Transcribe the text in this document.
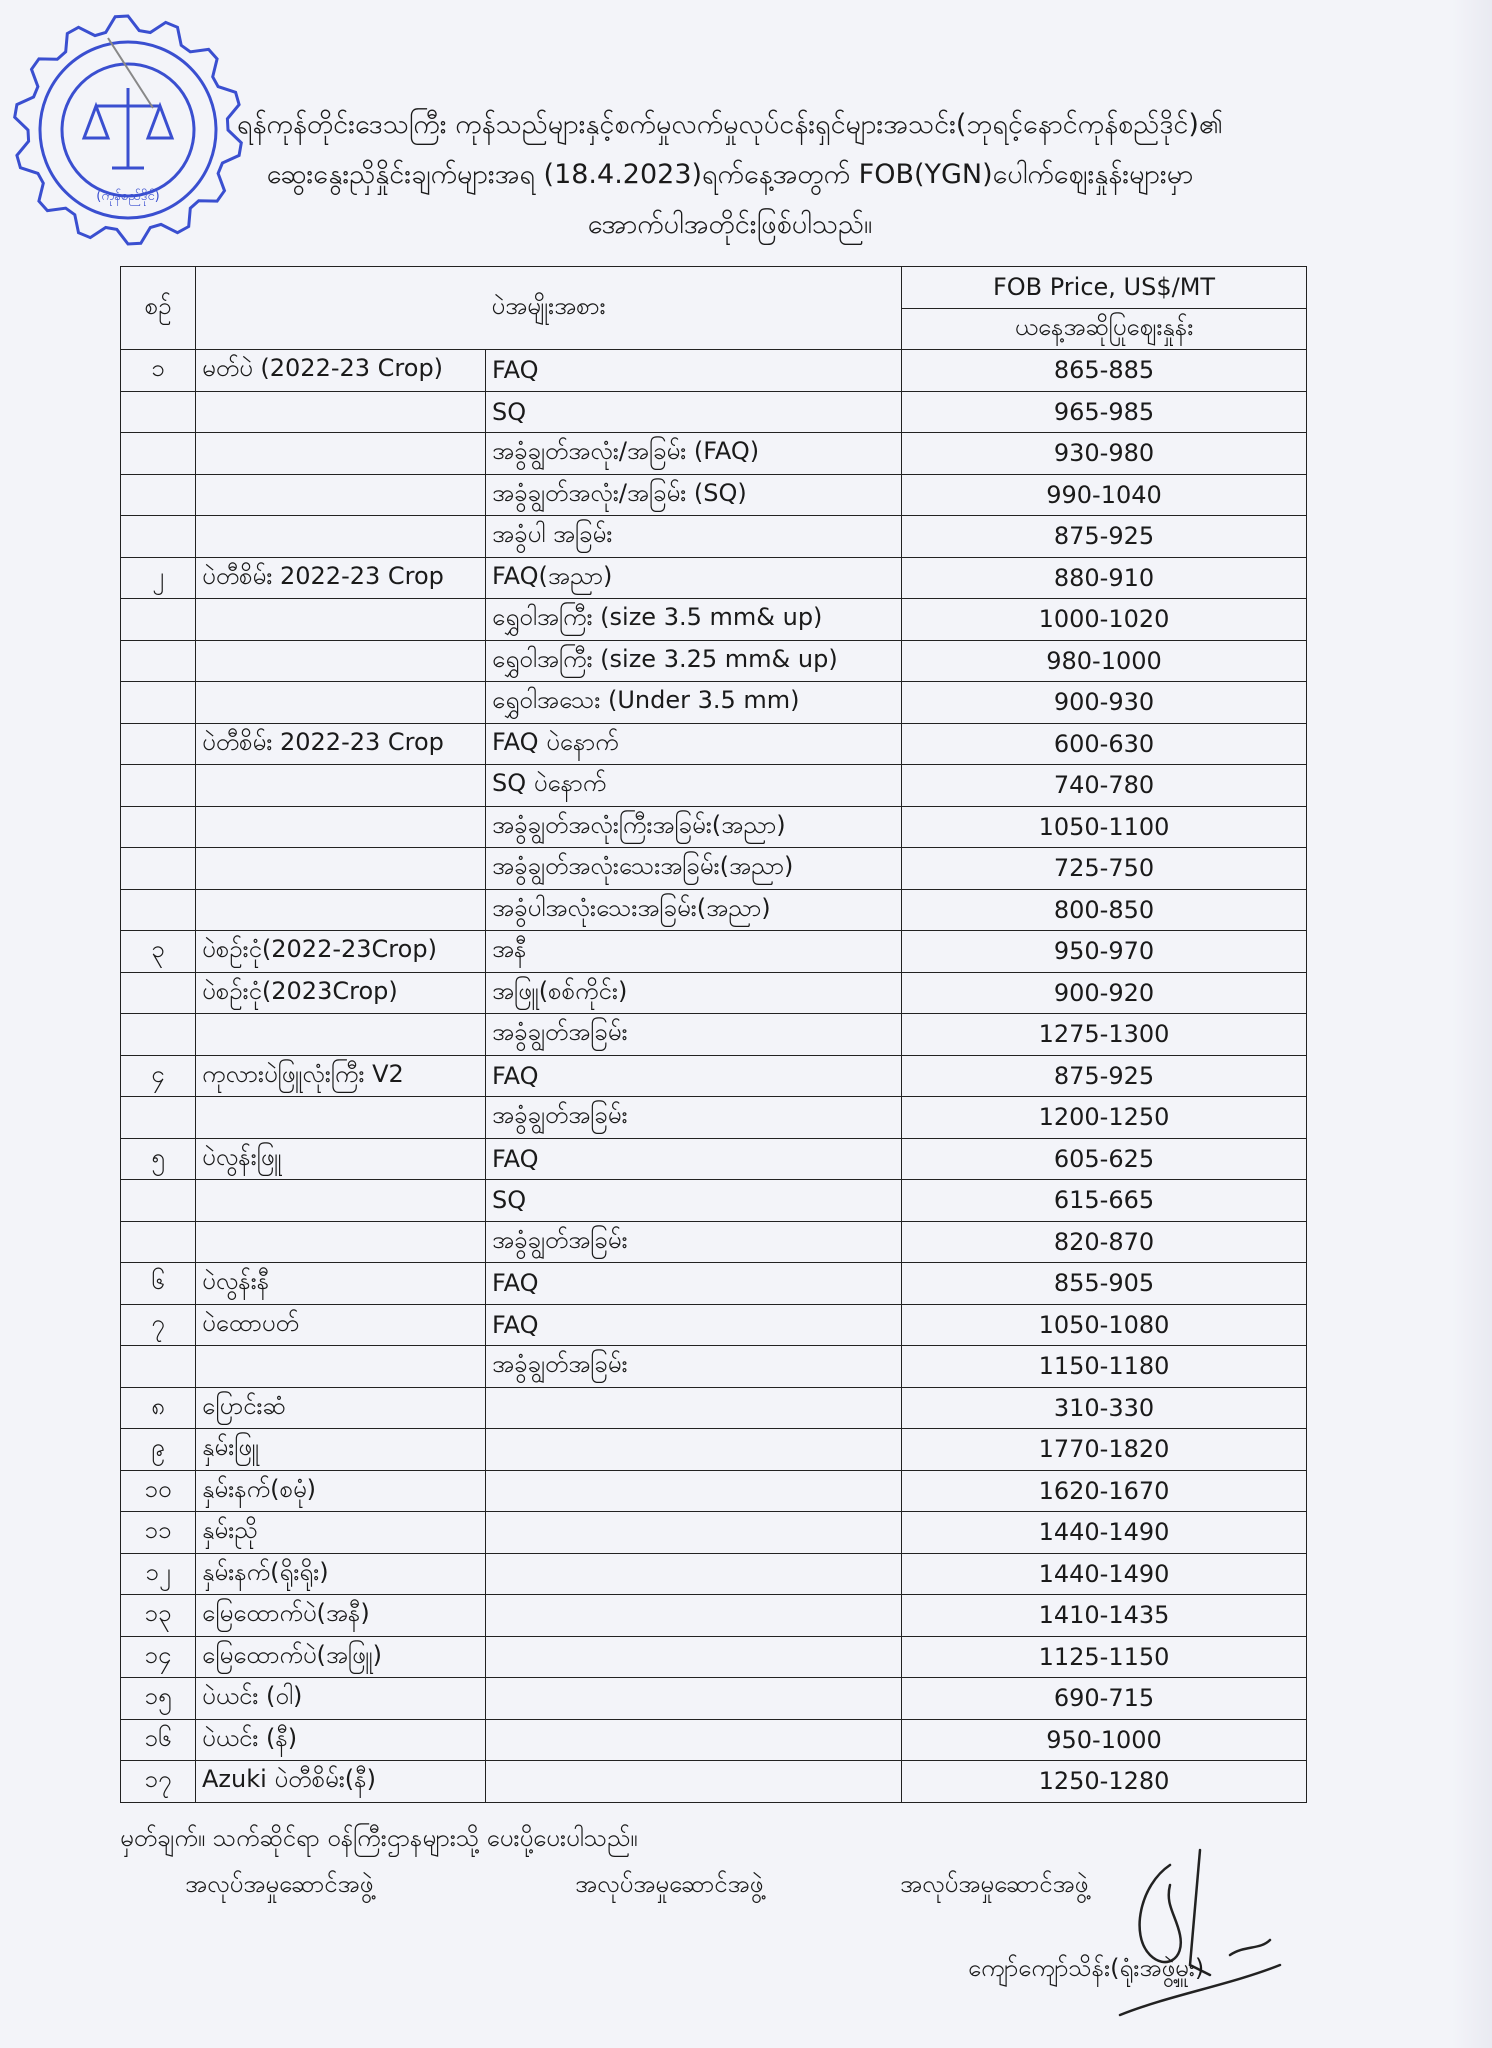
(ကုန်စည်ဒိုင်)
ရန်ကုန်တိုင်းဒေသကြီး ကုန်သည်များနှင့်စက်မှုလက်မှုလုပ်ငန်းရှင်များအသင်း(ဘုရင့်နောင်ကုန်စည်ဒိုင်)၏
ဆွေးနွေးညှိနှိုင်းချက်များအရ (18.4.2023)ရက်နေ့အတွက် FOB(YGN)ပေါက်ဈေးနှုန်းများမှာ
အောက်ပါအတိုင်းဖြစ်ပါသည်။
စဉ်	ပဲအမျိုးအစား		FOB Price, US$/MT
			ယနေ့အဆိုပြုဈေးနှုန်း
၁	မတ်ပဲ (2022-23 Crop)	FAQ	865-885
		SQ	965-985
		အခွံချွတ်အလုံး/အခြမ်း (FAQ)	930-980
		အခွံချွတ်အလုံး/အခြမ်း (SQ)	990-1040
		အခွံပါ အခြမ်း	875-925
၂	ပဲတီစိမ်း 2022-23 Crop	FAQ(အညာ)	880-910
		ရွှေဝါအကြီး (size 3.5 mm& up)	1000-1020
		ရွှေဝါအကြီး (size 3.25 mm& up)	980-1000
		ရွှေဝါအသေး (Under 3.5 mm)	900-930
	ပဲတီစိမ်း 2022-23 Crop	FAQ ပဲနောက်	600-630
		SQ ပဲနောက်	740-780
		အခွံချွတ်အလုံးကြီးအခြမ်း(အညာ)	1050-1100
		အခွံချွတ်အလုံးသေးအခြမ်း(အညာ)	725-750
		အခွံပါအလုံးသေးအခြမ်း(အညာ)	800-850
၃	ပဲစဉ်းငုံ(2022-23Crop)	အနီ	950-970
	ပဲစဉ်းငုံ(2023Crop)	အဖြူ(စစ်ကိုင်း)	900-920
		အခွံချွတ်အခြမ်း	1275-1300
၄	ကုလားပဲဖြူလုံးကြီး V2	FAQ	875-925
		အခွံချွတ်အခြမ်း	1200-1250
၅	ပဲလွန်းဖြူ	FAQ	605-625
		SQ	615-665
		အခွံချွတ်အခြမ်း	820-870
၆	ပဲလွန်းနီ	FAQ	855-905
၇	ပဲထောပတ်	FAQ	1050-1080
		အခွံချွတ်အခြမ်း	1150-1180
၈	ပြောင်းဆံ		310-330
၉	နှမ်းဖြူ		1770-1820
၁၀	နှမ်းနက်(စမုံ)		1620-1670
၁၁	နှမ်းညို		1440-1490
၁၂	နှမ်းနက်(ရိုးရိုး)		1440-1490
၁၃	မြေထောက်ပဲ(အနီ)		1410-1435
၁၄	မြေထောက်ပဲ(အဖြူ)		1125-1150
၁၅	ပဲယင်း (ဝါ)		690-715
၁၆	ပဲယင်း (နီ)		950-1000
၁၇	Azuki ပဲတီစိမ်း(နီ)		1250-1280
မှတ်ချက်။ သက်ဆိုင်ရာ ဝန်ကြီးဌာနများသို့ ပေးပို့ပေးပါသည်။
အလုပ်အမှုဆောင်အဖွဲ့	အလုပ်အမှုဆောင်အဖွဲ့	အလုပ်အမှုဆောင်အဖွဲ့
ကျော်ကျော်သိန်း(ရုံးအဖွဲ့မှူး)
